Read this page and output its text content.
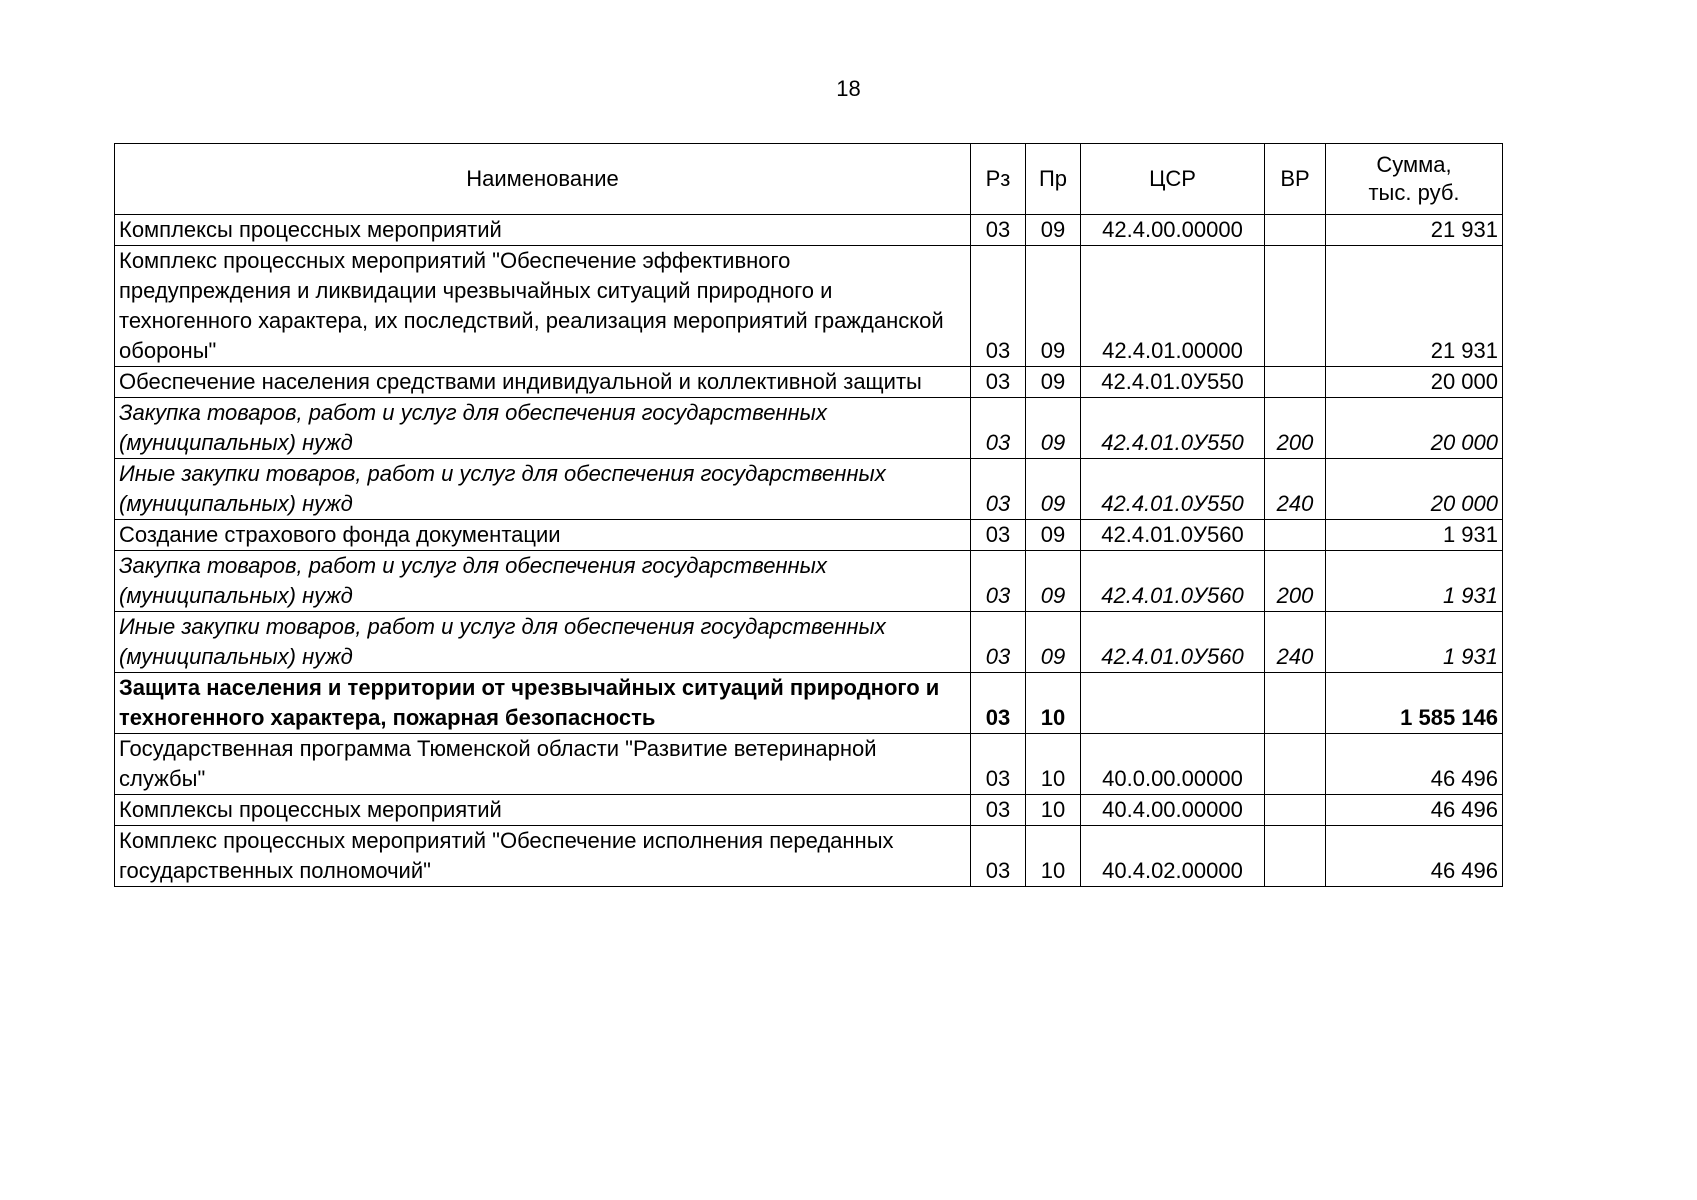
18
Наименование	Рз	Пр	ЦСР	ВР	Сумма,
тыс. руб.

Комплексы процессных мероприятий	03	09	42.4.00.00000		21 931
Комплекс процессных мероприятий "Обеспечение эффективного предупреждения и ликвидации чрезвычайных ситуаций природного и техногенного характера, их последствий, реализация мероприятий гражданской обороны"	03	09	42.4.01.00000		21 931
Обеспечение населения средствами индивидуальной и коллективной защиты	03	09	42.4.01.0У550		20 000
Закупка товаров, работ и услуг для обеспечения государственных (муниципальных) нужд	03	09	42.4.01.0У550	200	20 000
Иные закупки товаров, работ и услуг для обеспечения государственных (муниципальных) нужд	03	09	42.4.01.0У550	240	20 000
Создание страхового фонда документации	03	09	42.4.01.0У560		1 931
Закупка товаров, работ и услуг для обеспечения государственных (муниципальных) нужд	03	09	42.4.01.0У560	200	1 931
Иные закупки товаров, работ и услуг для обеспечения государственных (муниципальных) нужд	03	09	42.4.01.0У560	240	1 931
Защита населения и территории от чрезвычайных ситуаций природного и техногенного характера, пожарная безопасность	03	10			1 585 146
Государственная программа Тюменской области "Развитие ветеринарной службы"	03	10	40.0.00.00000		46 496
Комплексы процессных мероприятий	03	10	40.4.00.00000		46 496
Комплекс процессных мероприятий "Обеспечение исполнения переданных государственных полномочий"	03	10	40.4.02.00000		46 496
